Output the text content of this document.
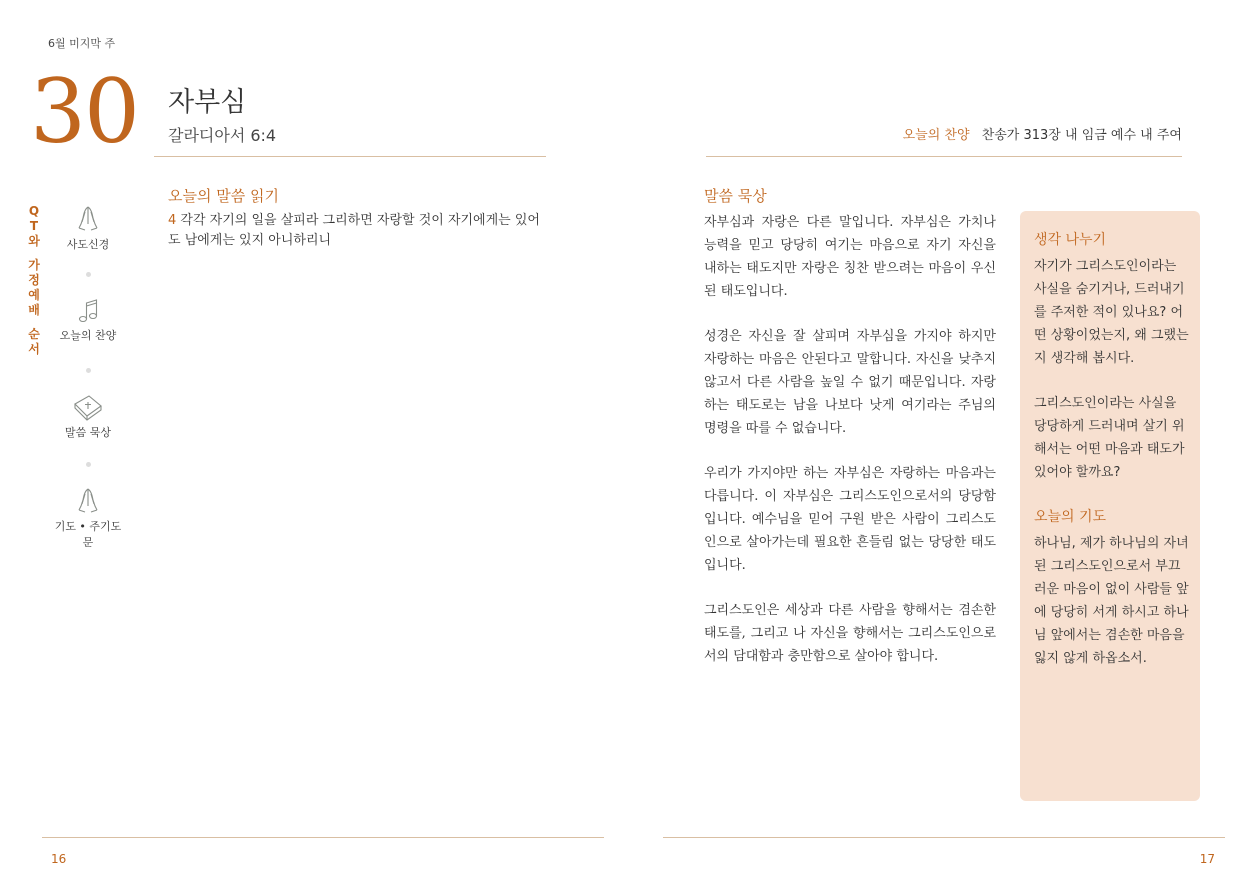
6월 미지막 주
30 자부심
갈라디아서 6:4	오늘의 찬양 찬송가 313장 내 임금 예수 내 주여
Q
T
와
가
정
예
배
순
서
사도신경
오늘의 찬양
말씀 묵상
기도 • 주기도문
오늘의 말씀 읽기
4 각각 자기의 일을 살피라 그리하면 자랑할 것이 자기에게는 있어도 남에게는 있지 아니하리니
말씀 묵상

자부심과 자랑은 다른 말입니다. 자부심은 가치나 능력을 믿고 당당히 여기는 마음으로 자기 자신을 내하는 태도지만 자랑은 칭찬 받으려는 마음이 우신된 태도입니다.

성경은 자신을 잘 살피며 자부심을 가지야 하지만 자랑하는 마음은 안된다고 말합니다. 자신을 낮추지 않고서 다른 사람을 높일 수 없기 때문입니다. 자랑하는 태도로는 남을 나보다 낫게 여기라는 주님의 명령을 따를 수 없습니다.

우리가 가지야만 하는 자부심은 자랑하는 마음과는 다릅니다. 이 자부심은 그리스도인으로서의 당당함입니다. 예수님을 믿어 구원 받은 사람이 그리스도인으로 살아가는데 필요한 흔들림 없는 당당한 태도입니다.

그리스도인은 세상과 다른 사람을 향해서는 겸손한 태도를, 그리고 나 자신을 향해서는 그리스도인으로서의 담대함과 충만함으로 살아야 합니다.

생각 나누기

자기가 그리스도인이라는 사실을 숨기거나, 드러내기를 주저한 적이 있나요? 어떤 상황이었는지, 왜 그랬는지 생각해 봅시다.

그리스도인이라는 사실을 당당하게 드러내며 살기 위해서는 어떤 마음과 태도가 있어야 할까요?

오늘의 기도

하나님, 제가 하나님의 자녀된 그리스도인으로서 부끄러운 마음이 없이 사람들 앞에 당당히 서게 하시고 하나님 앞에서는 겸손한 마음을 잃지 않게 하옵소서.

16	17
